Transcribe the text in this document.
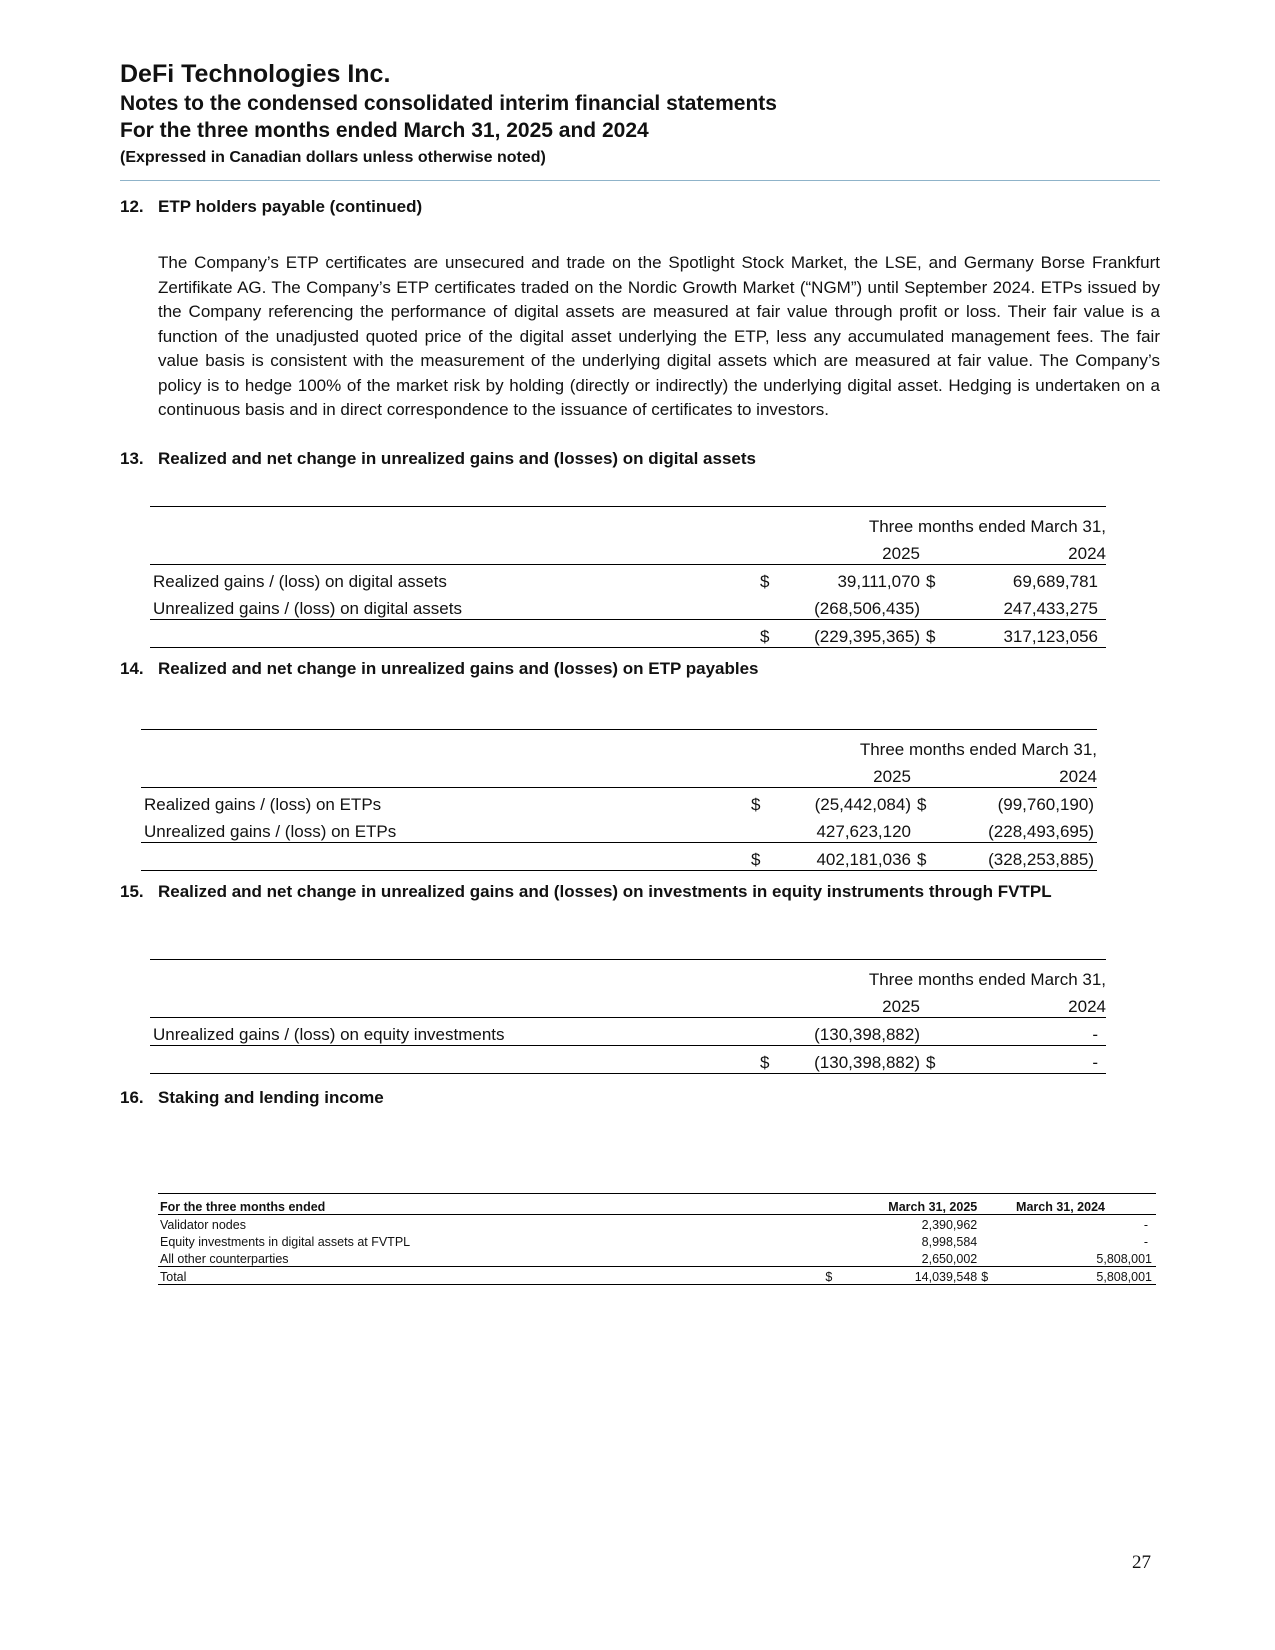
DeFi Technologies Inc.
Notes to the condensed consolidated interim financial statements
For the three months ended March 31, 2025 and 2024
(Expressed in Canadian dollars unless otherwise noted)
12. ETP holders payable (continued)
The Company’s ETP certificates are unsecured and trade on the Spotlight Stock Market, the LSE, and Germany Borse Frankfurt Zertifikate AG. The Company’s ETP certificates traded on the Nordic Growth Market (“NGM”) until September 2024. ETPs issued by the Company referencing the performance of digital assets are measured at fair value through profit or loss. Their fair value is a function of the unadjusted quoted price of the digital asset underlying the ETP, less any accumulated management fees. The fair value basis is consistent with the measurement of the underlying digital assets which are measured at fair value. The Company’s policy is to hedge 100% of the market risk by holding (directly or indirectly) the underlying digital asset. Hedging is undertaken on a continuous basis and in direct correspondence to the issuance of certificates to investors.
13. Realized and net change in unrealized gains and (losses) on digital assets
		Three months ended March 31,		
		2025		2024
Realized gains / (loss) on digital assets	$	39,111,070	$	69,689,781
Unrealized gains / (loss) on digital assets		(268,506,435)		247,433,275
	$	(229,395,365)	$	317,123,056
14. Realized and net change in unrealized gains and (losses) on ETP payables
		Three months ended March 31,		
		2025		2024
Realized gains / (loss) on ETPs	$	(25,442,084)	$	(99,760,190)
Unrealized gains / (loss) on ETPs		427,623,120		(228,493,695)
	$	402,181,036	$	(328,253,885)
15. Realized and net change in unrealized gains and (losses) on investments in equity instruments through FVTPL
		Three months ended March 31,		
		2025		2024
Unrealized gains / (loss) on equity investments		(130,398,882)		-
	$	(130,398,882)	$	-
16. Staking and lending income
For the three months ended		March 31, 2025		March 31, 2024
Validator nodes		2,390,962		-
Equity investments in digital assets at FVTPL		8,998,584		-
All other counterparties		2,650,002		5,808,001
Total	$	14,039,548	$	5,808,001
27
